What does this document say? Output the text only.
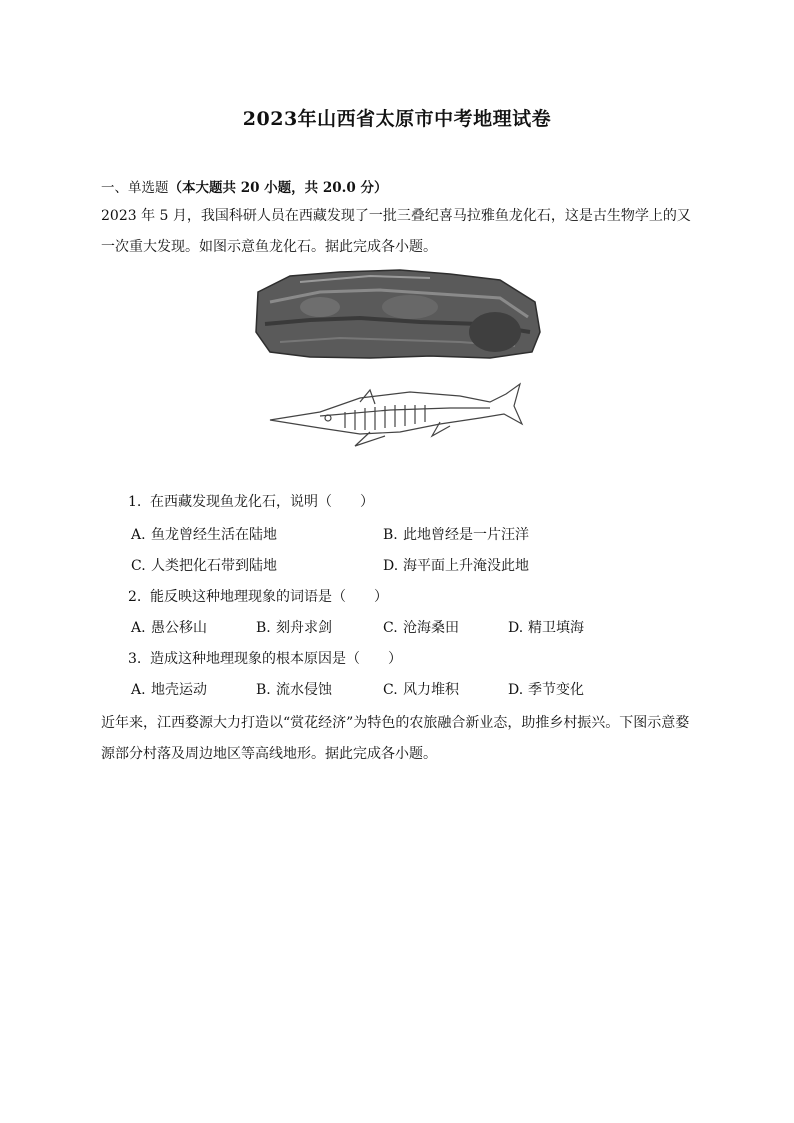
2023年山西省太原市中考地理试卷
一、单选题（本大题共 20 小题，共 20.0 分）
2023 年 5 月，我国科研人员在西藏发现了一批三叠纪喜马拉雅鱼龙化石，这是古生物学上的又一次重大发现。如图示意鱼龙化石。据此完成各小题。
1. 在西藏发现鱼龙化石，说明（　　）
A. 鱼龙曾经生活在陆地	B. 此地曾经是一片汪洋
C. 人类把化石带到陆地	D. 海平面上升淹没此地
2. 能反映这种地理现象的词语是（　　）
A. 愚公移山	B. 刻舟求剑	C. 沧海桑田	D. 精卫填海
3. 造成这种地理现象的根本原因是（　　）
A. 地壳运动	B. 流水侵蚀	C. 风力堆积	D. 季节变化
近年来，江西婺源大力打造以“赏花经济”为特色的农旅融合新业态，助推乡村振兴。下图示意婺源部分村落及周边地区等高线地形。据此完成各小题。
